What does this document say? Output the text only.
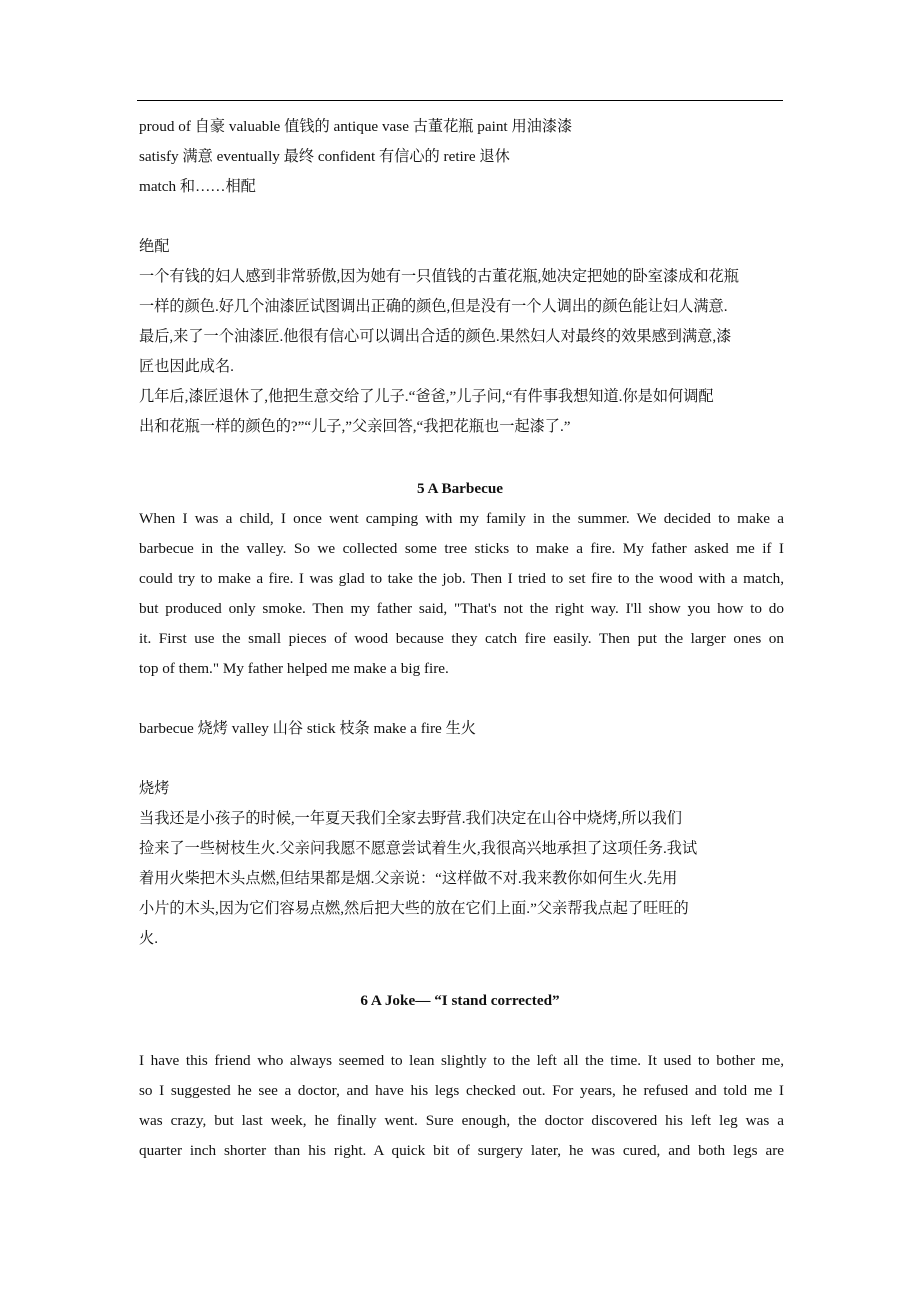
proud of 自豪 valuable 值钱的 antique vase 古董花瓶 paint 用油漆漆
satisfy 满意 eventually 最终 confident 有信心的 retire 退休
match 和……相配
绝配
一个有钱的妇人感到非常骄傲,因为她有一只值钱的古董花瓶,她决定把她的卧室漆成和花瓶
一样的颜色.好几个油漆匠试图调出正确的颜色,但是没有一个人调出的颜色能让妇人满意.
最后,来了一个油漆匠.他很有信心可以调出合适的颜色.果然妇人对最终的效果感到满意,漆
匠也因此成名.
几年后,漆匠退休了,他把生意交给了儿子.“爸爸,”儿子问,“有件事我想知道.你是如何调配
出和花瓶一样的颜色的?”“儿子,”父亲回答,“我把花瓶也一起漆了.”
5 A Barbecue
When I was a child, I once went camping with my family in the summer. We decided to make a
barbecue in the valley. So we collected some tree sticks to make a fire. My father asked me if I
could try to make a fire. I was glad to take the job. Then I tried to set fire to the wood with a match,
but produced only smoke. Then my father said, "That's not the right way. I'll show you how to do
it. First use the small pieces of wood because they catch fire easily. Then put the larger ones on
top of them." My father helped me make a big fire.
barbecue 烧烤 valley 山谷 stick 枝条 make a fire 生火
烧烤
当我还是小孩子的时候,一年夏天我们全家去野营.我们决定在山谷中烧烤,所以我们
捡来了一些树枝生火.父亲问我愿不愿意尝试着生火,我很高兴地承担了这项任务.我试
着用火柴把木头点燃,但结果都是烟.父亲说：“这样做不对.我来教你如何生火.先用
小片的木头,因为它们容易点燃,然后把大些的放在它们上面.”父亲帮我点起了旺旺的
火.
6 A Joke— “I stand corrected”
I have this friend who always seemed to lean slightly to the left all the time. It used to bother me,
so I suggested he see a doctor, and have his legs checked out. For years, he refused and told me I
was crazy, but last week, he finally went. Sure enough, the doctor discovered his left leg was a
quarter inch shorter than his right. A quick bit of surgery later, he was cured, and both legs are
